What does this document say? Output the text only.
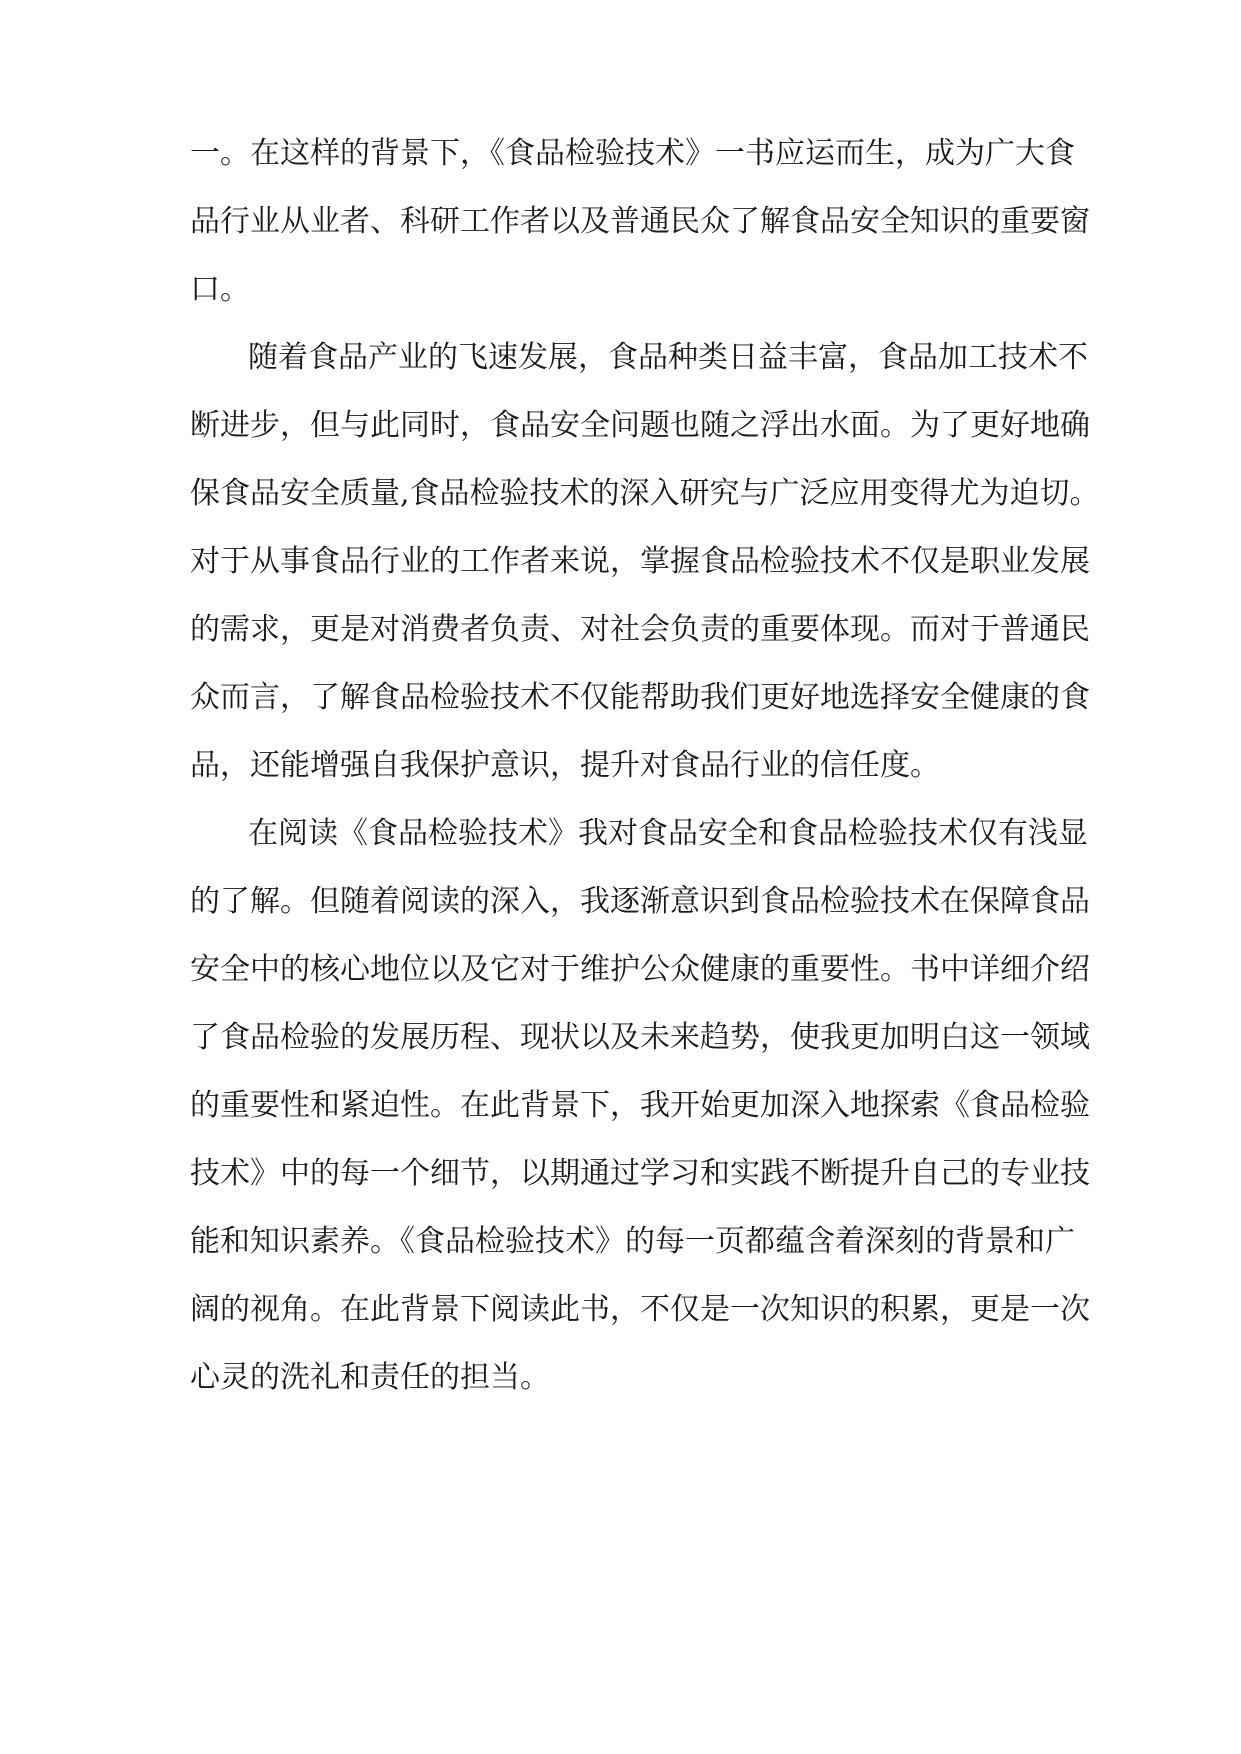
一。在这样的背景下，《食品检验技术》一书应运而生，成为广大食
品行业从业者、科研工作者以及普通民众了解食品安全知识的重要窗
口。
随着食品产业的飞速发展，食品种类日益丰富，食品加工技术不
断进步，但与此同时，食品安全问题也随之浮出水面。为了更好地确
保食品安全质量,食品检验技术的深入研究与广泛应用变得尤为迫切。
对于从事食品行业的工作者来说，掌握食品检验技术不仅是职业发展
的需求，更是对消费者负责、对社会负责的重要体现。而对于普通民
众而言，了解食品检验技术不仅能帮助我们更好地选择安全健康的食
品，还能增强自我保护意识，提升对食品行业的信任度。
在阅读《食品检验技术》我对食品安全和食品检验技术仅有浅显
的了解。但随着阅读的深入，我逐渐意识到食品检验技术在保障食品
安全中的核心地位以及它对于维护公众健康的重要性。书中详细介绍
了食品检验的发展历程、现状以及未来趋势，使我更加明白这一领域
的重要性和紧迫性。在此背景下，我开始更加深入地探索《食品检验
技术》中的每一个细节，以期通过学习和实践不断提升自己的专业技
能和知识素养。《食品检验技术》的每一页都蕴含着深刻的背景和广
阔的视角。在此背景下阅读此书，不仅是一次知识的积累，更是一次
心灵的洗礼和责任的担当。
